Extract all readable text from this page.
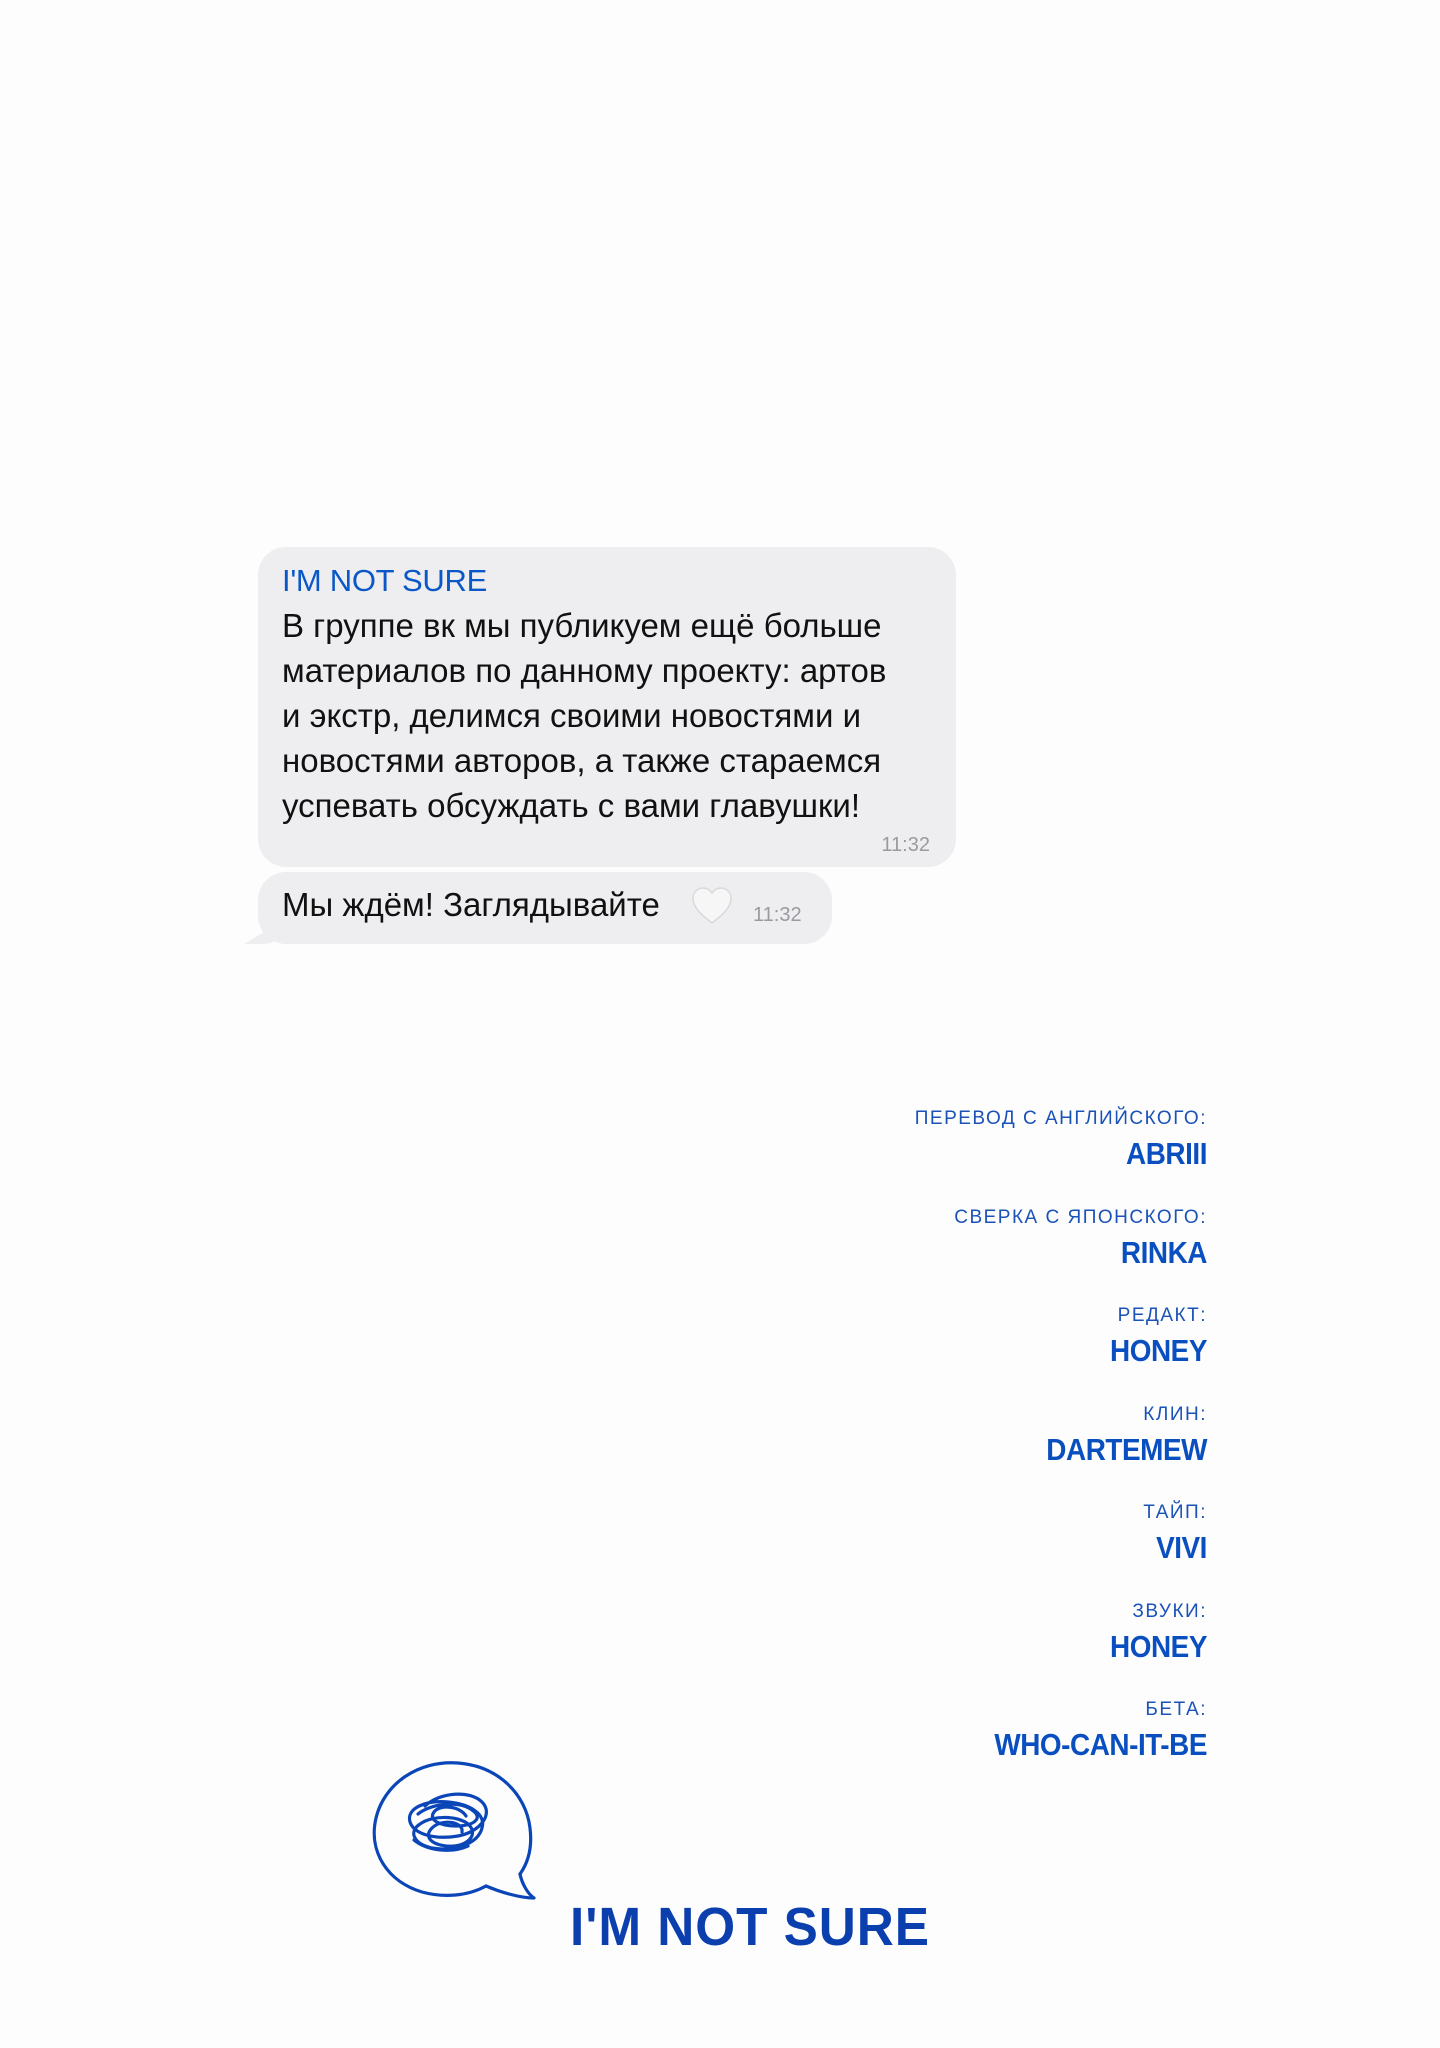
I'M NOT SURE
В группе вк мы публикуем ещё больше
материалов по данному проекту: артов
и экстр, делимся своими новостями и
новостями авторов, а также стараемся
успевать обсуждать с вами главушки!
11:32
Мы ждём! Заглядывайте	11:32
ПЕРЕВОД С АНГЛИЙСКОГО:
ABRIII
СВЕРКА С ЯПОНСКОГО:
RINKA
РЕДАКТ:
HONEY
КЛИН:
DARTEMEW
ТАЙП:
VIVI
ЗВУКИ:
HONEY
БЕТА:
WHO-CAN-IT-BE
I'M NOT SURE
